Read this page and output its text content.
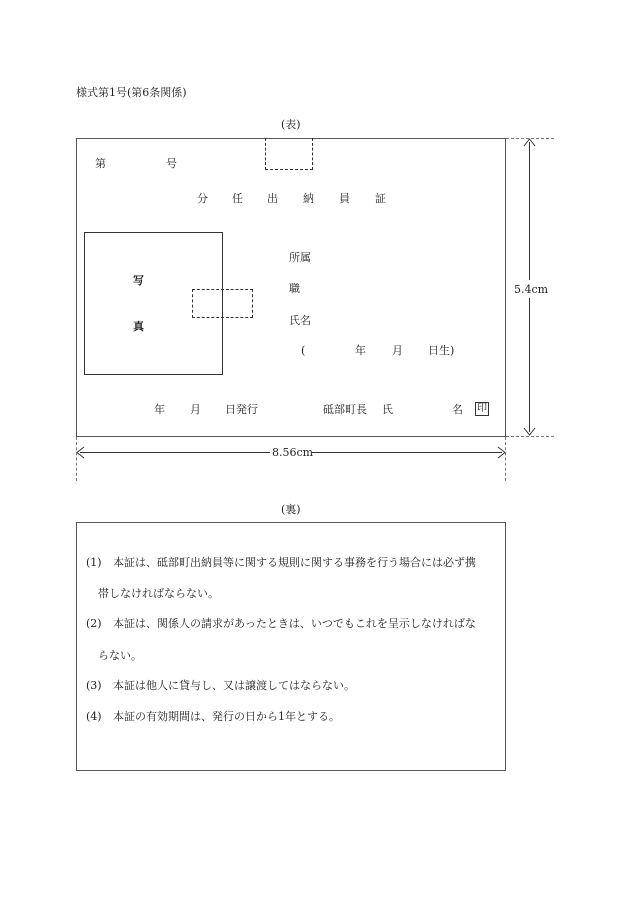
様式第1号(第6条関係)
(表)
第	号
分 任 出 納 員 証
写
真
所属
職
氏名
(	年 月 日生)
年 月 日発行	砥部町長 氏	名 印
5.4cm
8.56cm
(裏)
(1) 本証は、砥部町出納員等に関する規則に関する事務を行う場合には必ず携
帯しなければならない。
(2) 本証は、関係人の請求があったときは、いつでもこれを呈示しなければな
らない。
(3) 本証は他人に貸与し、又は譲渡してはならない。
(4) 本証の有効期間は、発行の日から1年とする。
